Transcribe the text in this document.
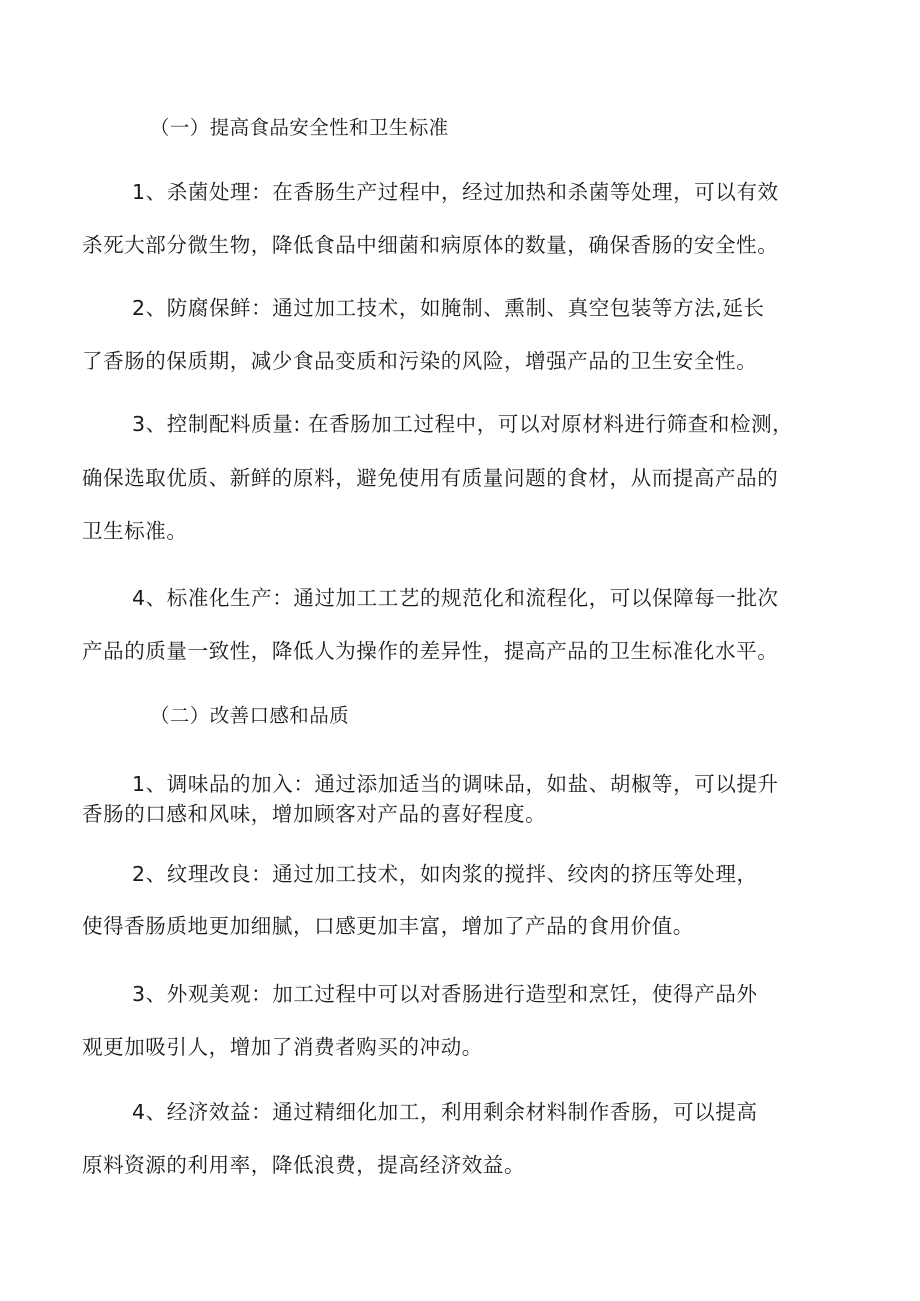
（一）提高食品安全性和卫生标准
1、杀菌处理：在香肠生产过程中，经过加热和杀菌等处理，可以有效
杀死大部分微生物，降低食品中细菌和病原体的数量，确保香肠的安全性。
2、防腐保鲜：通过加工技术，如腌制、熏制、真空包装等方法,延长
了香肠的保质期，减少食品变质和污染的风险，增强产品的卫生安全性。
3、控制配料质量: 在香肠加工过程中，可以对原材料进行筛查和检测，
确保选取优质、新鲜的原料，避免使用有质量问题的食材，从而提高产品的
卫生标准。
4、标准化生产：通过加工工艺的规范化和流程化，可以保障每一批次
产品的质量一致性，降低人为操作的差异性，提高产品的卫生标准化水平。
（二）改善口感和品质
1、调味品的加入：通过添加适当的调味品，如盐、胡椒等，可以提升
香肠的口感和风味，增加顾客对产品的喜好程度。
2、纹理改良：通过加工技术，如肉浆的搅拌、绞肉的挤压等处理，
使得香肠质地更加细腻，口感更加丰富，增加了产品的食用价值。
3、外观美观：加工过程中可以对香肠进行造型和烹饪，使得产品外
观更加吸引人，增加了消费者购买的冲动。
4、经济效益：通过精细化加工，利用剩余材料制作香肠，可以提高
原料资源的利用率，降低浪费，提高经济效益。
